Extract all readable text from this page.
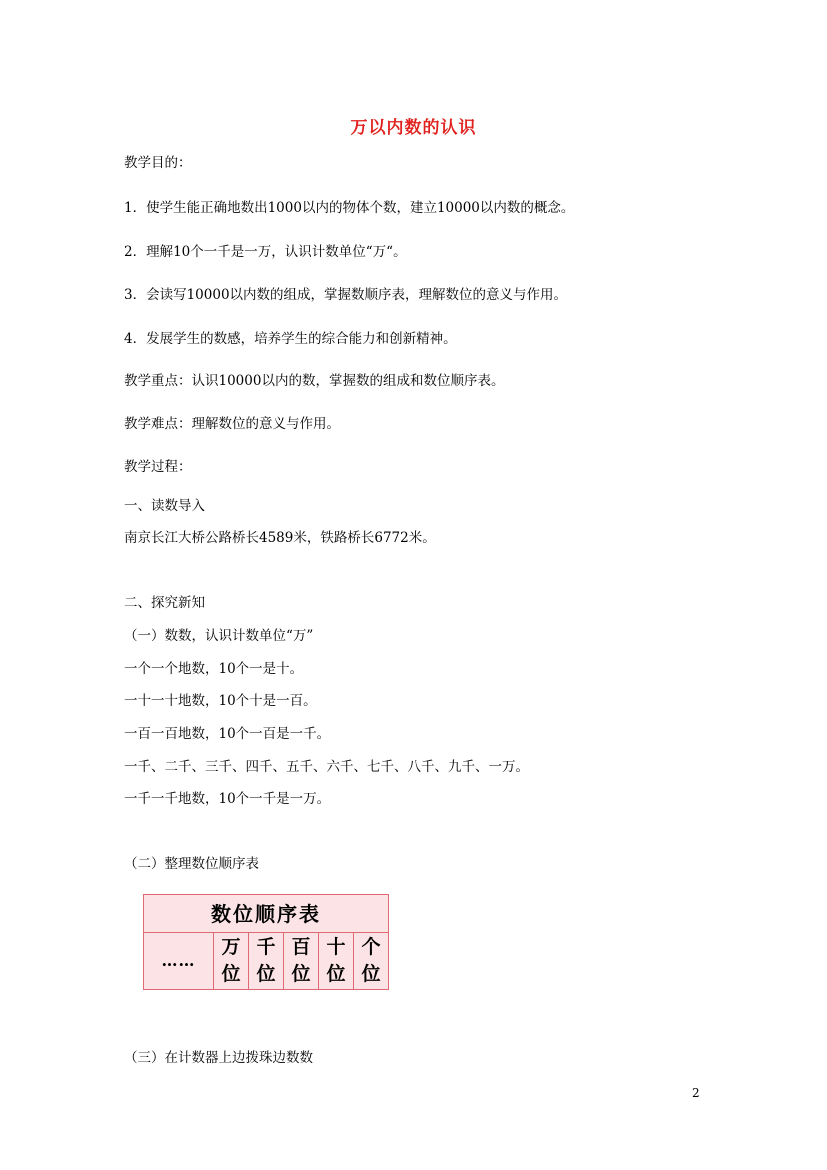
万以内数的认识
教学目的：
1．使学生能正确地数出1000以内的物体个数，建立10000以内数的概念。
2．理解10个一千是一万，认识计数单位“万“。
3．会读写10000以内数的组成，掌握数顺序表，理解数位的意义与作用。
4．发展学生的数感，培养学生的综合能力和创新精神。
教学重点：认识10000以内的数，掌握数的组成和数位顺序表。
教学难点：理解数位的意义与作用。
教学过程：
一、读数导入
南京长江大桥公路桥长4589米，铁路桥长6772米。
二、探究新知
（一）数数，认识计数单位“万”
一个一个地数，10个一是十。
一十一十地数，10个十是一百。
一百一百地数，10个一百是一千。
一千、二千、三千、四千、五千、六千、七千、八千、九千、一万。
一千一千地数，10个一千是一万。
（二）整理数位顺序表
数位顺序表
……
万
位
千
位
百
位
十
位
个
位
（三）在计数器上边拨珠边数数
2
